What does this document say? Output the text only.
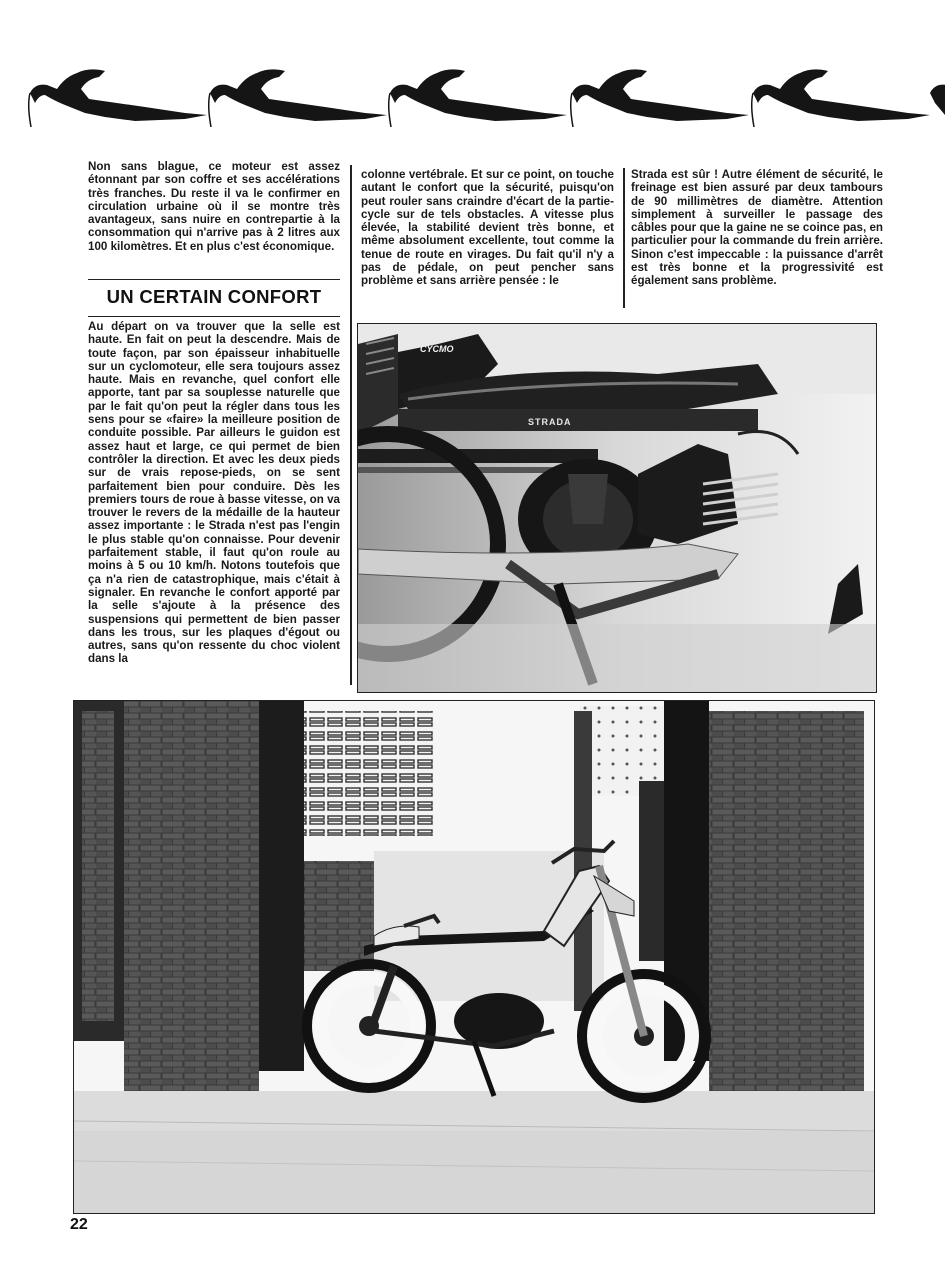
Non sans blague, ce moteur est assez étonnant par son coffre et ses accélérations très franches. Du reste il va le confirmer en circulation urbaine où il se montre très avantageux, sans nuire en contrepartie à la consommation qui n'arrive pas à 2 litres aux 100 kilomètres. Et en plus c'est économique.

UN CERTAIN CONFORT

Au départ on va trouver que la selle est haute. En fait on peut la descendre. Mais de toute façon, par son épaisseur inhabituelle sur un cyclomoteur, elle sera toujours assez haute. Mais en revanche, quel confort elle apporte, tant par sa souplesse naturelle que par le fait qu'on peut la régler dans tous les sens pour se «faire» la meilleure position de conduite possible. Par ailleurs le guidon est assez haut et large, ce qui permet de bien contrôler la direction. Et avec les deux pieds sur de vrais repose-pieds, on se sent parfaitement bien pour conduire. Dès les premiers tours de roue à basse vitesse, on va trouver le revers de la médaille de la hauteur assez importante : le Strada n'est pas l'engin le plus stable qu'on connaisse. Pour devenir parfaitement stable, il faut qu'on roule au moins à 5 ou 10 km/h. Notons toutefois que ça n'a rien de catastrophique, mais c'était à signaler. En revanche le confort apporté par la selle s'ajoute à la présence des suspensions qui permettent de bien passer dans les trous, sur les plaques d'égout ou autres, sans qu'on ressente du choc violent dans la

colonne vertébrale. Et sur ce point, on touche autant le confort que la sécurité, puisqu'on peut rouler sans craindre d'écart de la partie-cycle sur de tels obstacles. A vitesse plus élevée, la stabilité devient très bonne, et même absolument excellente, tout comme la tenue de route en virages. Du fait qu'il n'y a pas de pédale, on peut pencher sans problème et sans arrière pensée : le

Strada est sûr ! Autre élément de sécurité, le freinage est bien assuré par deux tambours de 90 millimètres de diamètre. Attention simplement à surveiller le passage des câbles pour que la gaine ne se coince pas, en particulier pour la commande du frein arrière. Sinon c'est impeccable : la puissance d'arrêt est très bonne et la progressivité est également sans problème.

CYCMO
STRADA
22
